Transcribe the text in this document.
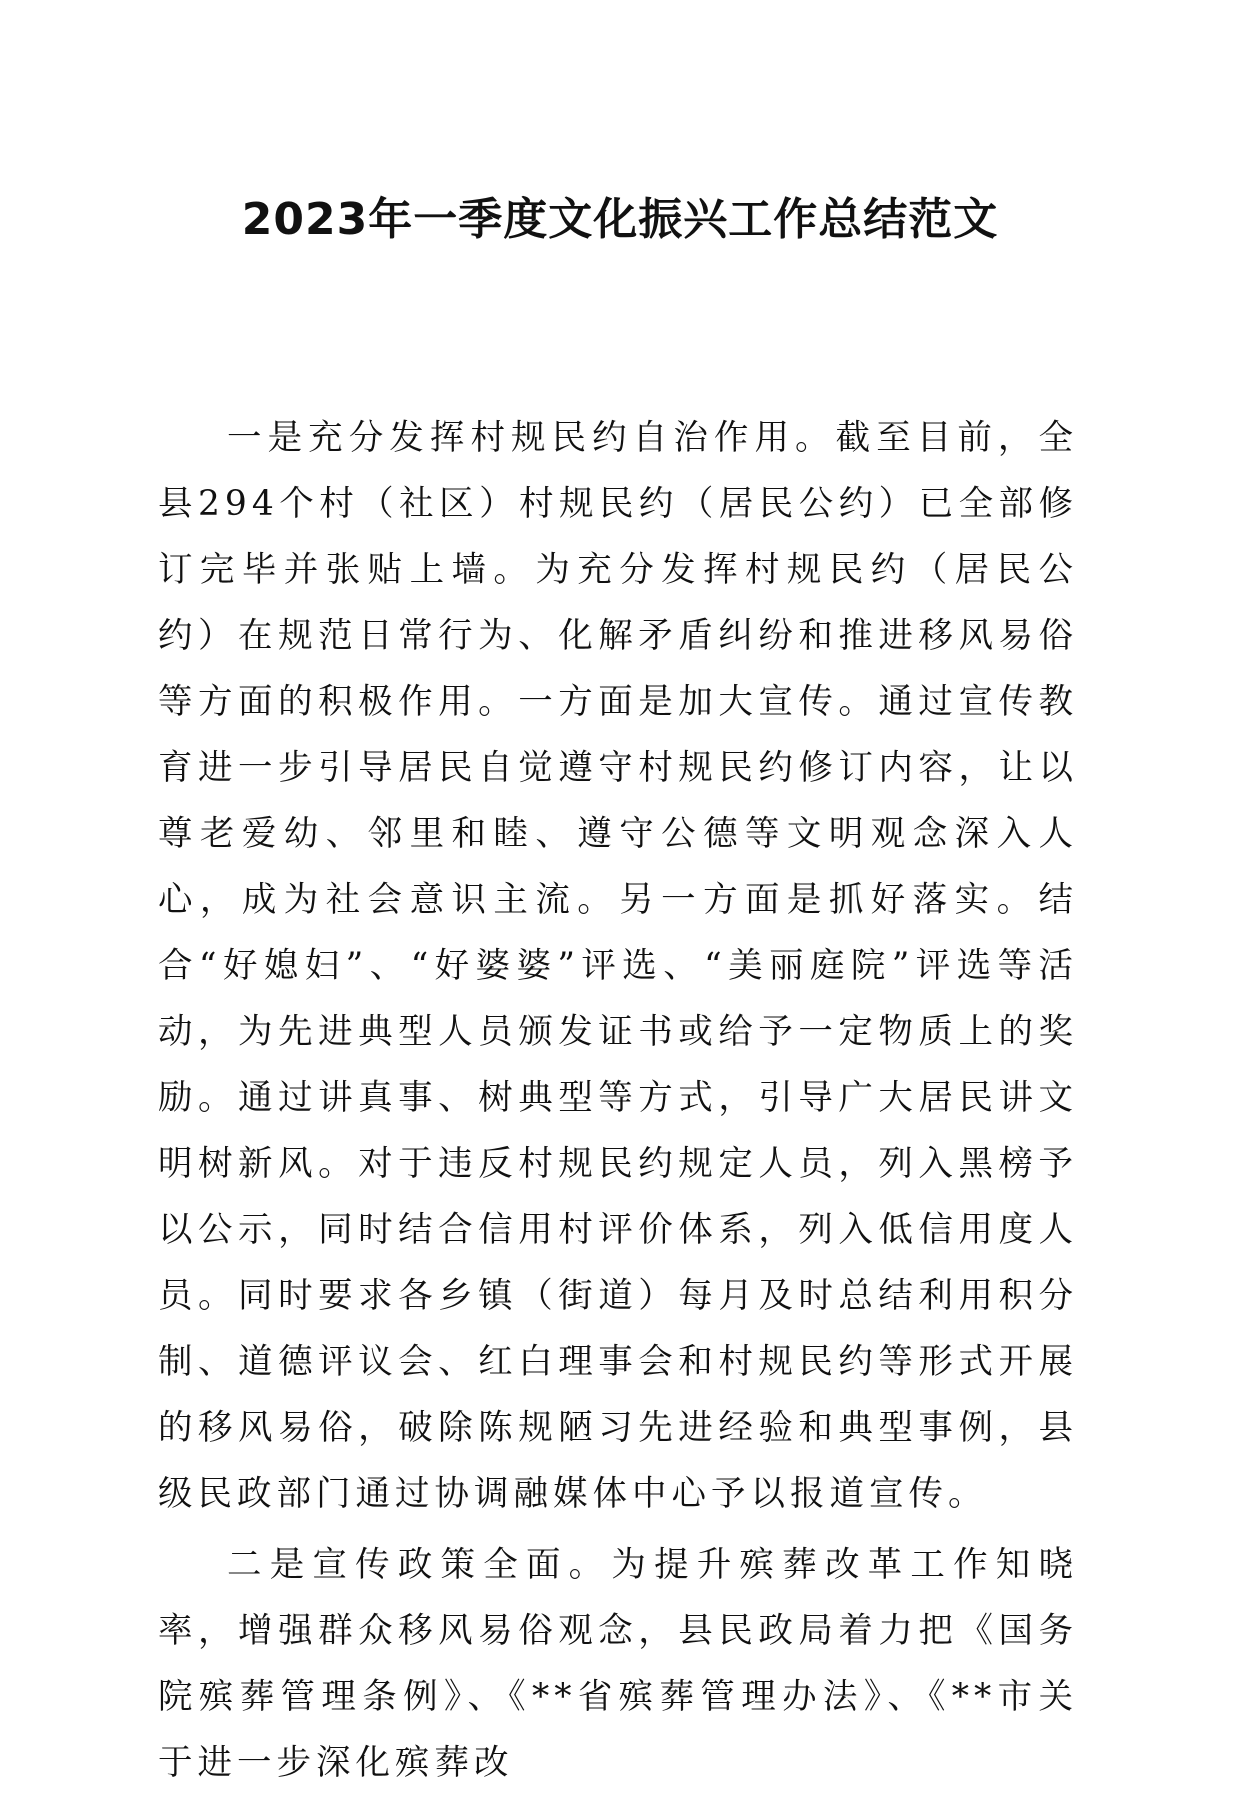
2023年一季度文化振兴工作总结范文

一是充分发挥村规民约自治作用。截至目前，全县294个村（社区）村规民约（居民公约）已全部修订完毕并张贴上墙。为充分发挥村规民约（居民公约）在规范日常行为、化解矛盾纠纷和推进移风易俗等方面的积极作用。一方面是加大宣传。通过宣传教育进一步引导居民自觉遵守村规民约修订内容，让以尊老爱幼、邻里和睦、遵守公德等文明观念深入人心，成为社会意识主流。另一方面是抓好落实。结合“好媳妇”、“好婆婆”评选、“美丽庭院”评选等活动，为先进典型人员颁发证书或给予一定物质上的奖励。通过讲真事、树典型等方式，引导广大居民讲文明树新风。对于违反村规民约规定人员，列入黑榜予以公示，同时结合信用村评价体系，列入低信用度人员。同时要求各乡镇（街道）每月及时总结利用积分制、道德评议会、红白理事会和村规民约等形式开展的移风易俗，破除陈规陋习先进经验和典型事例，县级民政部门通过协调融媒体中心予以报道宣传。

二是宣传政策全面。为提升殡葬改革工作知晓率，增强群众移风易俗观念，县民政局着力把《国务院殡葬管理条例》、《**省殡葬管理办法》、《**市关于进一步深化殡葬改
